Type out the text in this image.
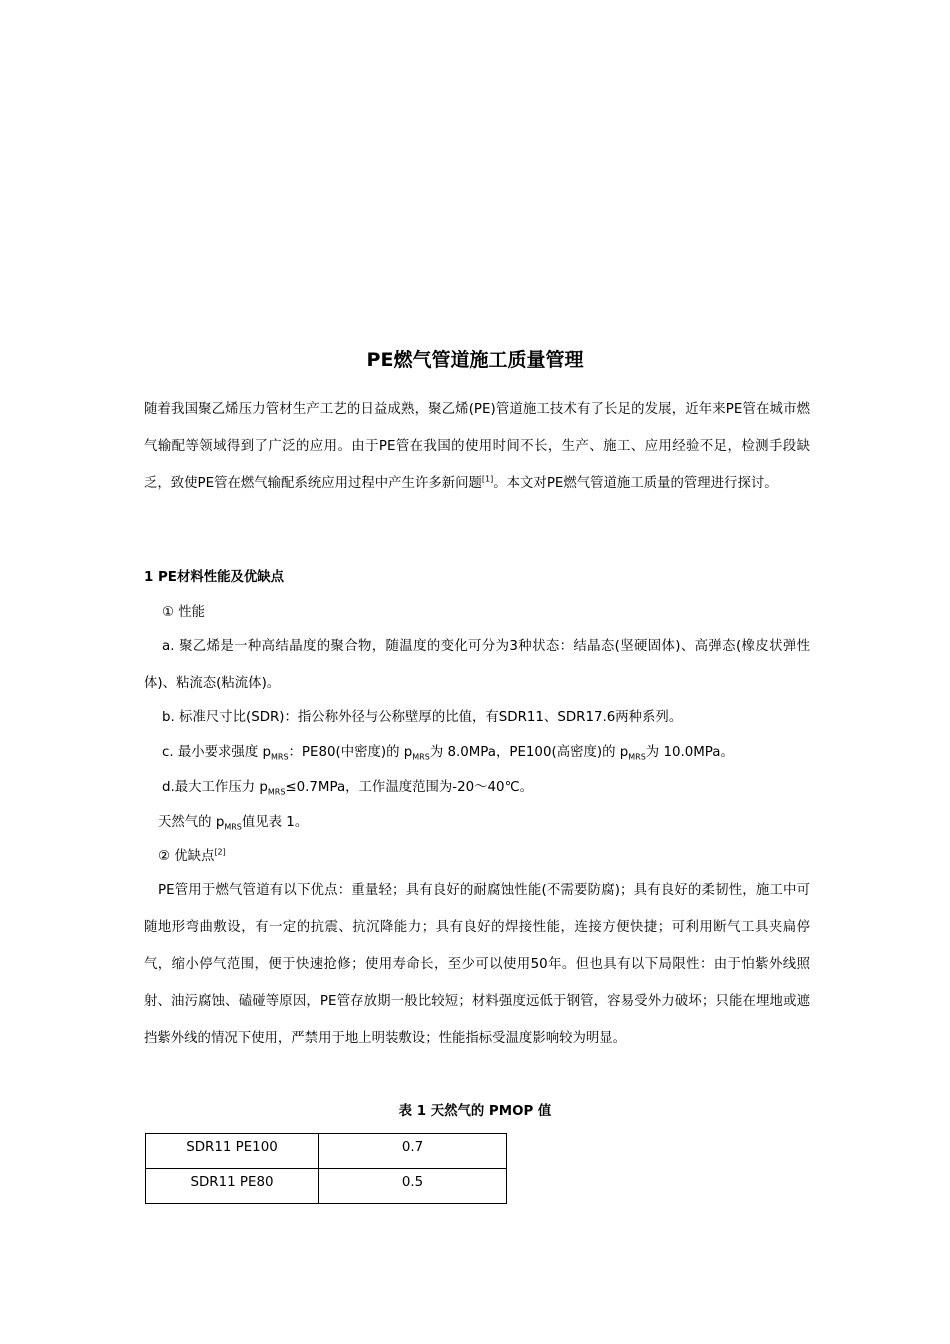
PE燃气管道施工质量管理
随着我国聚乙烯压力管材生产工艺的日益成熟，聚乙烯(PE)管道施工技术有了长足的发展，近年来PE管在城市燃气输配等领域得到了广泛的应用。由于PE管在我国的使用时间不长，生产、施工、应用经验不足，检测手段缺乏，致使PE管在燃气输配系统应用过程中产生许多新问题[1]。本文对PE燃气管道施工质量的管理进行探讨。
1 PE材料性能及优缺点
① 性能
a. 聚乙烯是一种高结晶度的聚合物，随温度的变化可分为3种状态：结晶态(坚硬固体)、高弹态(橡皮状弹性体)、粘流态(粘流体)。
b. 标准尺寸比(SDR)：指公称外径与公称壁厚的比值，有SDR11、SDR17.6两种系列。
c. 最小要求强度 $p_{MRS}$：PE80(中密度)的 $p_{MRS}$为 8.0MPa，PE100(高密度)的 $p_{MRS}$为 10.0MPa。
d.最大工作压力 $p_{MRS}\le 0.7MPa$，工作温度范围为-20～40℃。
天然气的 $p_{MRS}$值见表 1。
② 优缺点[2]
PE管用于燃气管道有以下优点：重量轻；具有良好的耐腐蚀性能(不需要防腐)；具有良好的柔韧性，施工中可随地形弯曲敷设，有一定的抗震、抗沉降能力；具有良好的焊接性能，连接方便快捷；可利用断气工具夹扁停气，缩小停气范围，便于快速抢修；使用寿命长，至少可以使用50年。但也具有以下局限性：由于怕紫外线照射、油污腐蚀、磕碰等原因，PE管存放期一般比较短；材料强度远低于钢管，容易受外力破坏；只能在埋地或遮挡紫外线的情况下使用，严禁用于地上明装敷设；性能指标受温度影响较为明显。
表 1 天然气的 PMOP 值
SDR11 PE100	0.7
SDR11 PE80	0.5
